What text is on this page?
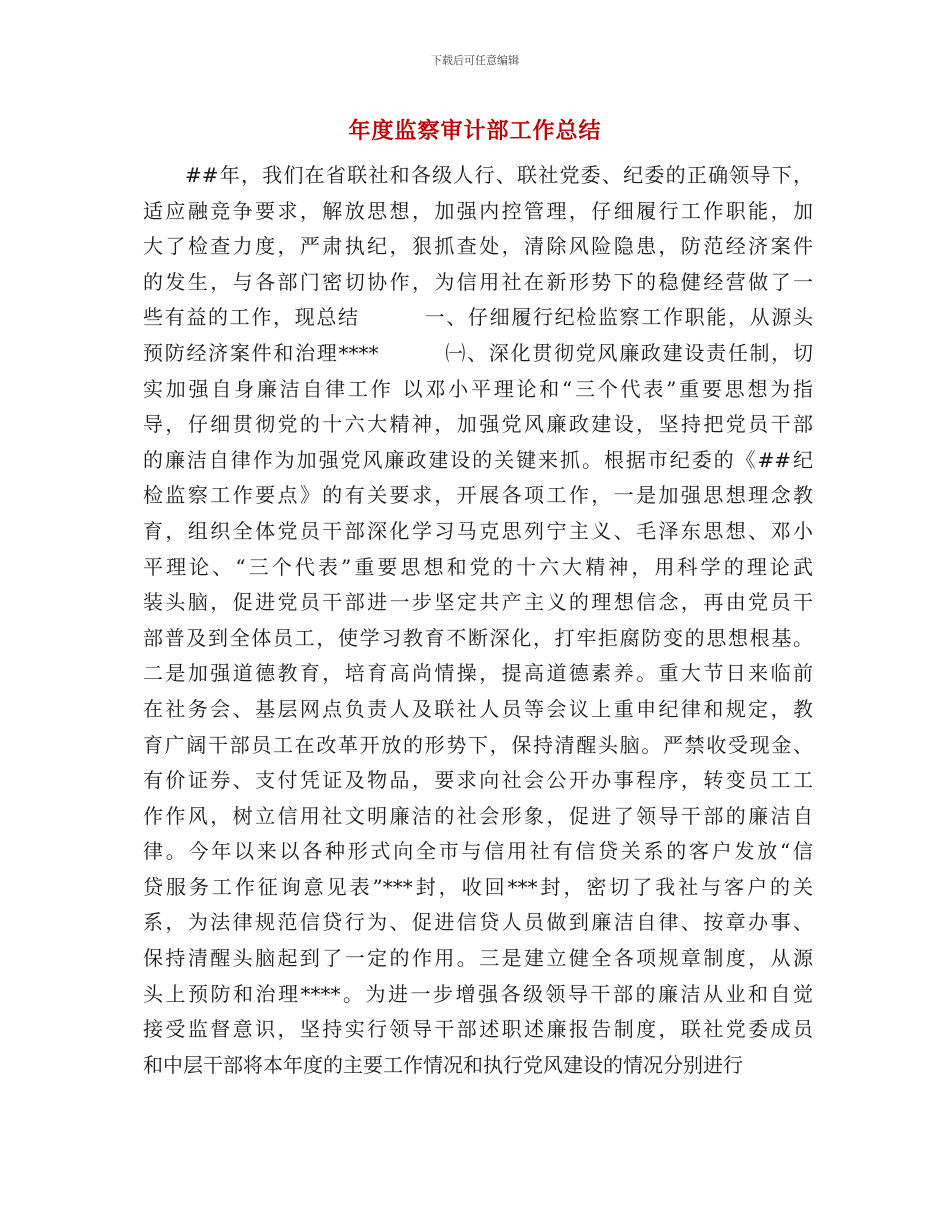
下载后可任意编辑
年度监察审计部工作总结
##年，我们在省联社和各级人行、联社党委、纪委的正确领导下，
适应融竞争要求，解放思想，加强内控管理，仔细履行工作职能，加
大了检查力度，严肃执纪，狠抓查处，清除风险隐患，防范经济案件
的发生，与各部门密切协作，为信用社在新形势下的稳健经营做了一
些有益的工作，现总结　　　一、仔细履行纪检监察工作职能，从源头
预防经济案件和治理****　　　㈠、深化贯彻党风廉政建设责任制，切
实加强自身廉洁自律工作 以邓小平理论和“三个代表”重要思想为指
导，仔细贯彻党的十六大精神，加强党风廉政建设，坚持把党员干部
的廉洁自律作为加强党风廉政建设的关键来抓。根据市纪委的《##纪
检监察工作要点》的有关要求，开展各项工作，一是加强思想理念教
育，组织全体党员干部深化学习马克思列宁主义、毛泽东思想、邓小
平理论、“三个代表”重要思想和党的十六大精神，用科学的理论武
装头脑，促进党员干部进一步坚定共产主义的理想信念，再由党员干
部普及到全体员工，使学习教育不断深化，打牢拒腐防变的思想根基。
二是加强道德教育，培育高尚情操，提高道德素养。重大节日来临前
在社务会、基层网点负责人及联社人员等会议上重申纪律和规定，教
育广阔干部员工在改革开放的形势下，保持清醒头脑。严禁收受现金、
有价证券、支付凭证及物品，要求向社会公开办事程序，转变员工工
作作风，树立信用社文明廉洁的社会形象，促进了领导干部的廉洁自
律。今年以来以各种形式向全市与信用社有信贷关系的客户发放“信
贷服务工作征询意见表”***封，收回***封，密切了我社与客户的关
系，为法律规范信贷行为、促进信贷人员做到廉洁自律、按章办事、
保持清醒头脑起到了一定的作用。三是建立健全各项规章制度，从源
头上预防和治理****。为进一步增强各级领导干部的廉洁从业和自觉
接受监督意识，坚持实行领导干部述职述廉报告制度，联社党委成员
和中层干部将本年度的主要工作情况和执行党风建设的情况分别进行
